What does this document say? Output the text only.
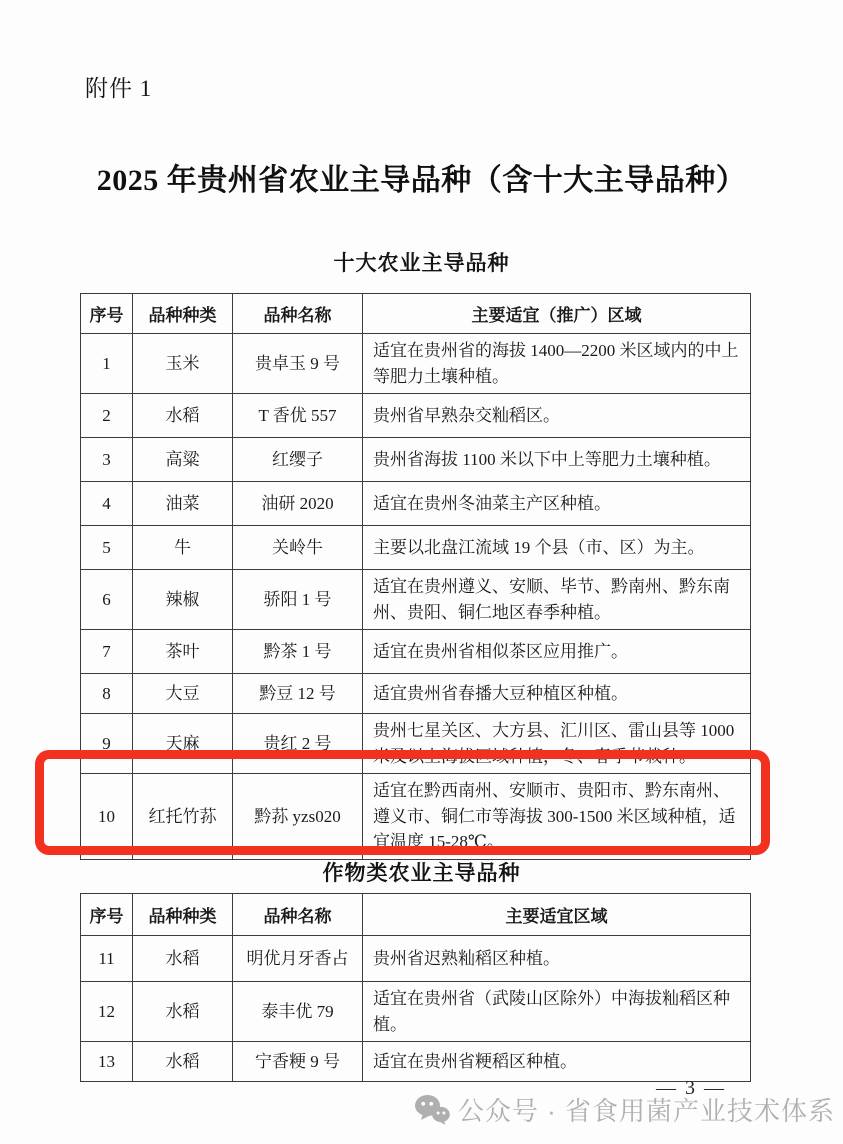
附件 1
2025 年贵州省农业主导品种（含十大主导品种）
十大农业主导品种
序号	品种种类	品种名称	主要适宜（推广）区域
1	玉米	贵卓玉 9 号	适宜在贵州省的海拔 1400—2200 米区域内的中上等肥力土壤种植。
2	水稻	T 香优 557	贵州省早熟杂交籼稻区。
3	高粱	红缨子	贵州省海拔 1100 米以下中上等肥力土壤种植。
4	油菜	油研 2020	适宜在贵州冬油菜主产区种植。
5	牛	关岭牛	主要以北盘江流域 19 个县（市、区）为主。
6	辣椒	骄阳 1 号	适宜在贵州遵义、安顺、毕节、黔南州、黔东南州、贵阳、铜仁地区春季种植。
7	茶叶	黔茶 1 号	适宜在贵州省相似茶区应用推广。
8	大豆	黔豆 12 号	适宜贵州省春播大豆种植区种植。
9	天麻	贵红 2 号	贵州七星关区、大方县、汇川区、雷山县等 1000 米及以上海拔区域种植，冬、春季节栽种。
10	红托竹荪	黔荪 yzs020	适宜在黔西南州、安顺市、贵阳市、黔东南州、遵义市、铜仁市等海拔 300-1500 米区域种植，适宜温度 15-28℃。
作物类农业主导品种
序号	品种种类	品种名称	主要适宜区域
11	水稻	明优月牙香占	贵州省迟熟籼稻区种植。
12	水稻	泰丰优 79	适宜在贵州省（武陵山区除外）中海拔籼稻区种植。
13	水稻	宁香粳 9 号	适宜在贵州省粳稻区种植。
— 3 —
公众号 · 省食用菌产业技术体系
